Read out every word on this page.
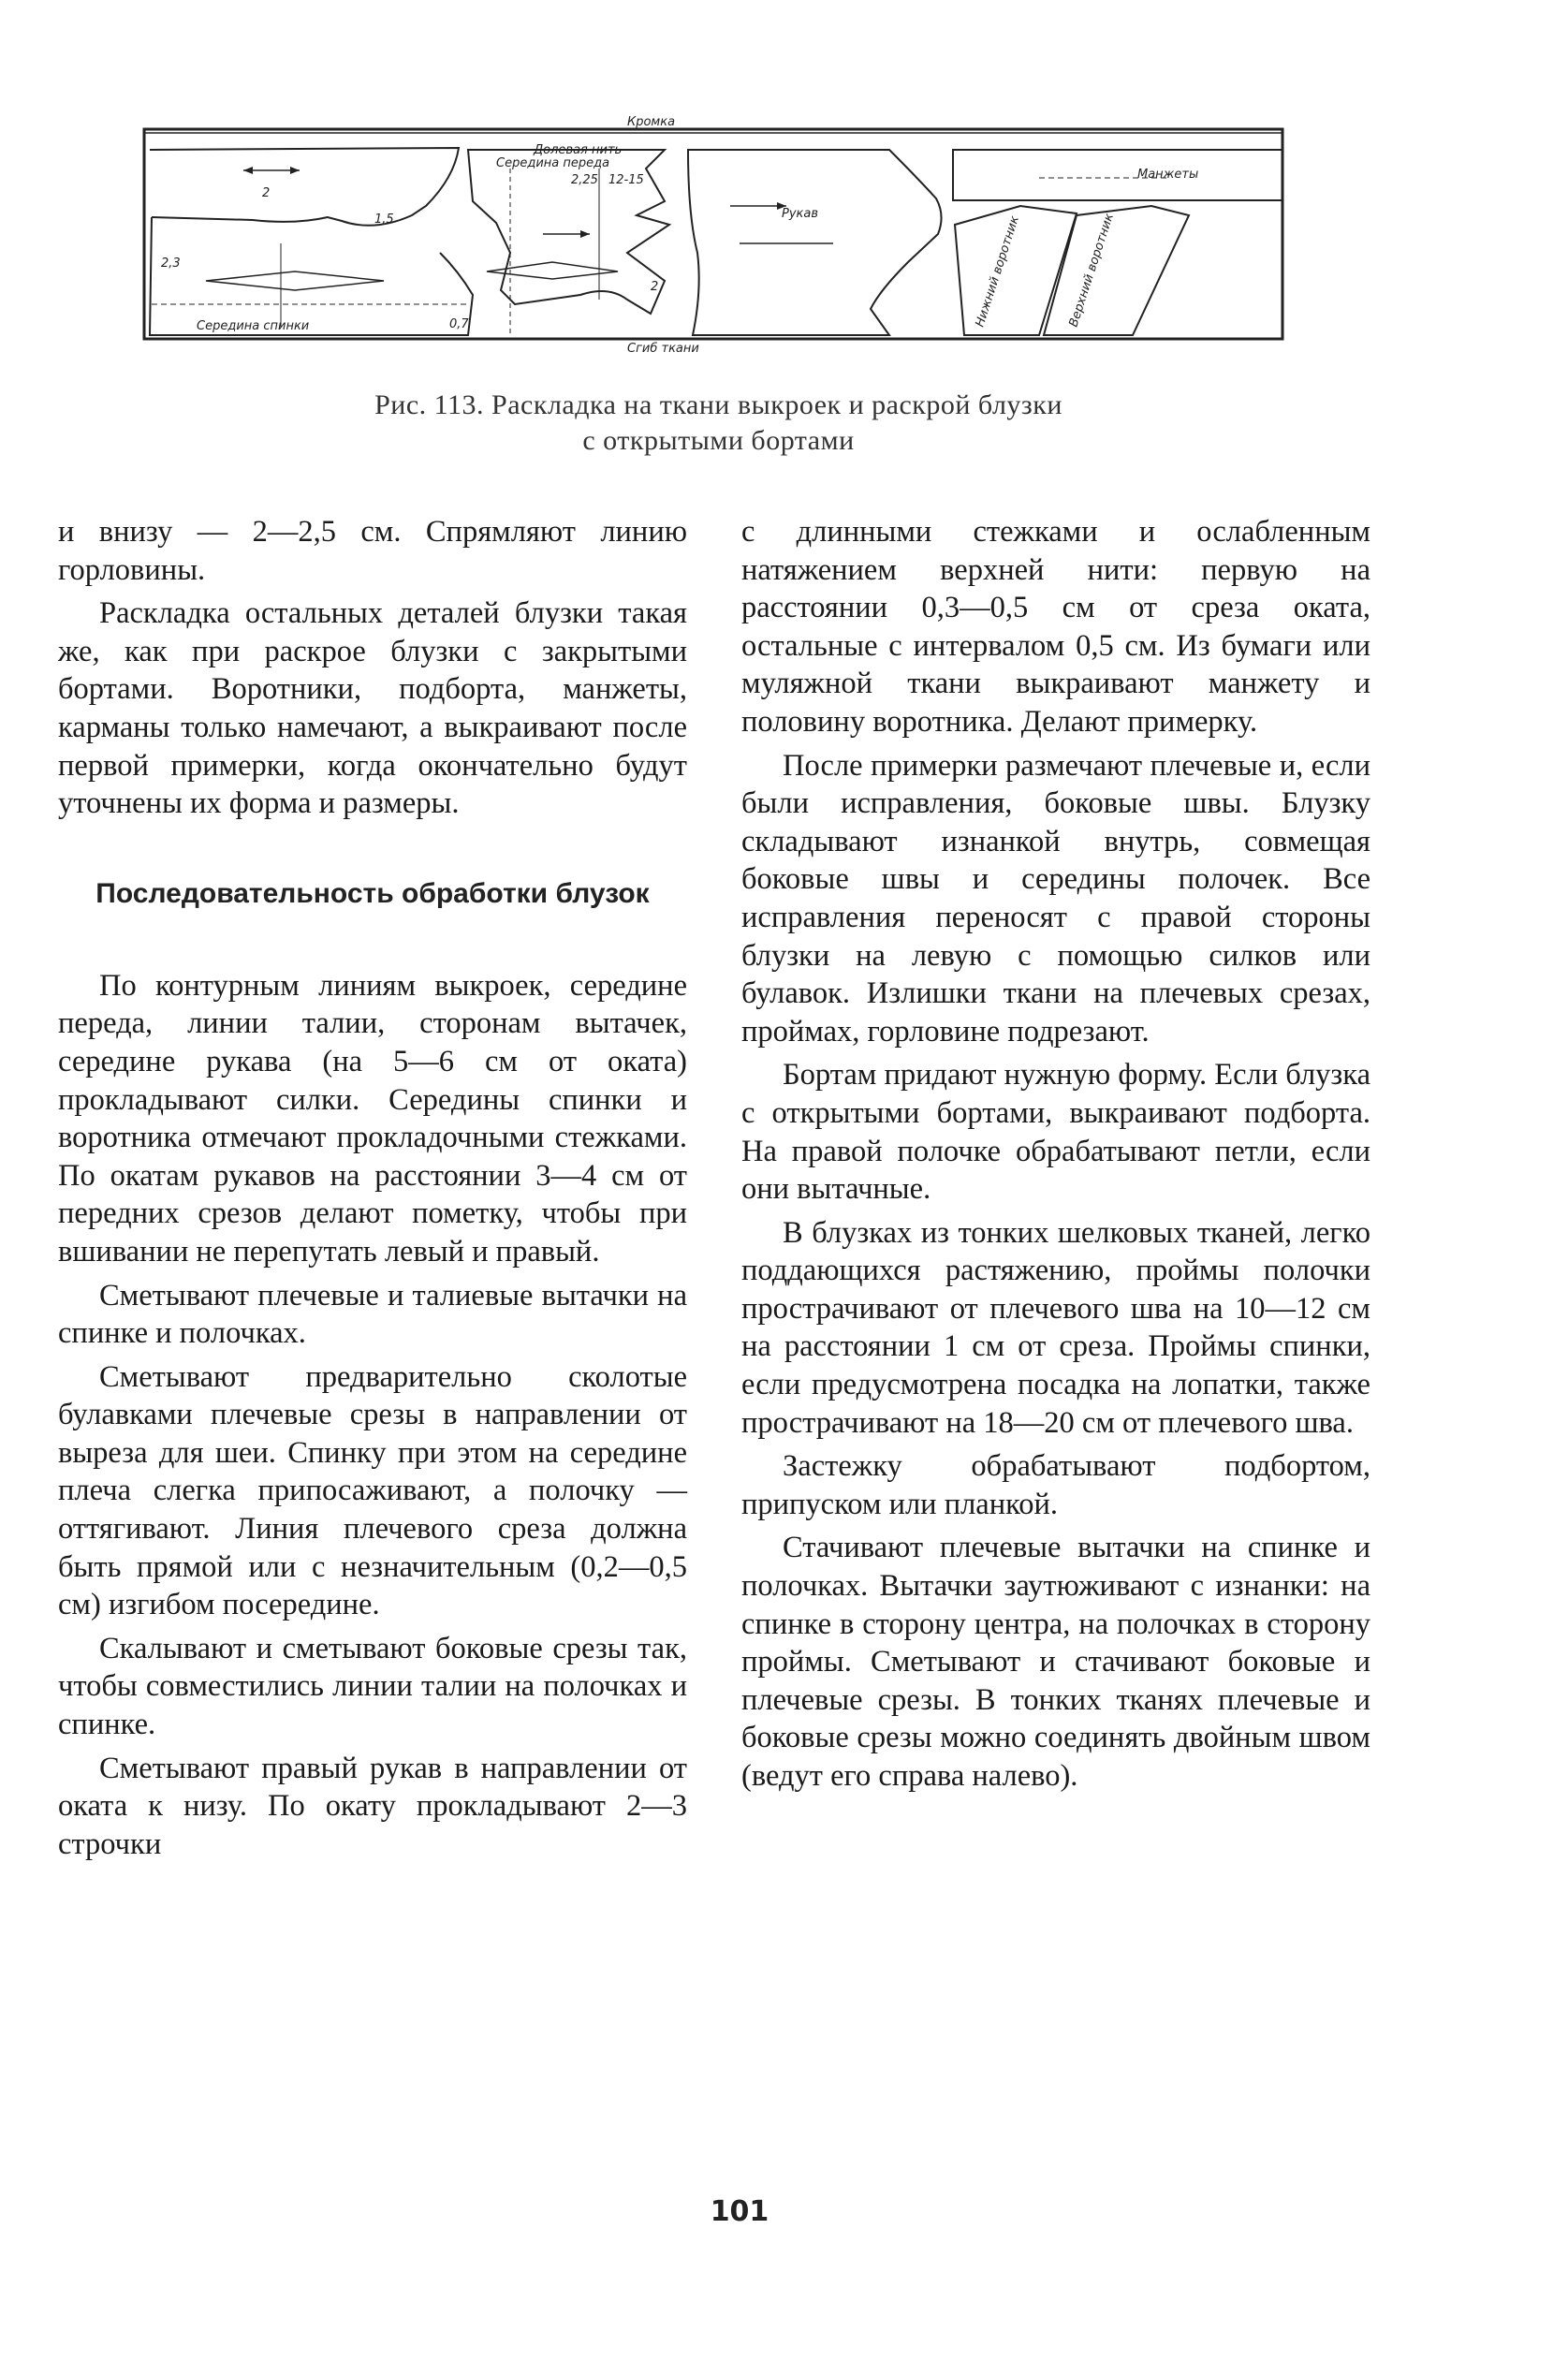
Кромка
Сгиб ткани
Середина переда
Долевая нить
Середина спинки
Рукав
Манжеты
Нижний воротник	Верхний воротник
2
1,5
2,3
0,7
2,25 12-15
2
Рис. 113. Раскладка на ткани выкроек и раскрой блузки
с открытыми бортами

и внизу — 2—2,5 см. Спрямляют линию горловины.

Раскладка остальных деталей блузки такая же, как при раскрое блузки с закрытыми бортами. Воротники, подборта, манжеты, карманы только намечают, а выкраивают после первой примерки, когда окончательно будут уточнены их форма и размеры.

Последовательность обработки блузок

По контурным линиям выкроек, середине переда, линии талии, сторонам вытачек, середине рукава (на 5—6 см от оката) прокладывают силки. Середины спинки и воротника отмечают прокладочными стежками. По окатам рукавов на расстоянии 3—4 см от передних срезов делают пометку, чтобы при вшивании не перепутать левый и правый.

Сметывают плечевые и талиевые вытачки на спинке и полочках.

Сметывают предварительно сколотые булавками плечевые срезы в направлении от выреза для шеи. Спинку при этом на середине плеча слегка припосаживают, а полочку — оттягивают. Линия плечевого среза должна быть прямой или с незначительным (0,2—0,5 см) изгибом посередине.

Скалывают и сметывают боковые срезы так, чтобы совместились линии талии на полочках и спинке.

Сметывают правый рукав в направлении от оката к низу. По окату прокладывают 2—3 строчки

с длинными стежками и ослабленным натяжением верхней нити: первую на расстоянии 0,3—0,5 см от среза оката, остальные с интервалом 0,5 см. Из бумаги или муляжной ткани выкраивают манжету и половину воротника. Делают примерку.

После примерки размечают плечевые и, если были исправления, боковые швы. Блузку складывают изнанкой внутрь, совмещая боковые швы и середины полочек. Все исправления переносят с правой стороны блузки на левую с помощью силков или булавок. Излишки ткани на плечевых срезах, проймах, горловине подрезают.

Бортам придают нужную форму. Если блузка с открытыми бортами, выкраивают подборта. На правой полочке обрабатывают петли, если они вытачные.

В блузках из тонких шелковых тканей, легко поддающихся растяжению, проймы полочки прострачивают от плечевого шва на 10—12 см на расстоянии 1 см от среза. Проймы спинки, если предусмотрена посадка на лопатки, также прострачивают на 18—20 см от плечевого шва.

Застежку обрабатывают подбортом, припуском или планкой.

Стачивают плечевые вытачки на спинке и полочках. Вытачки заутюживают с изнанки: на спинке в сторону центра, на полочках в сторону проймы. Сметывают и стачивают боковые и плечевые срезы. В тонких тканях плечевые и боковые срезы можно соединять двойным швом (ведут его справа налево).

101
